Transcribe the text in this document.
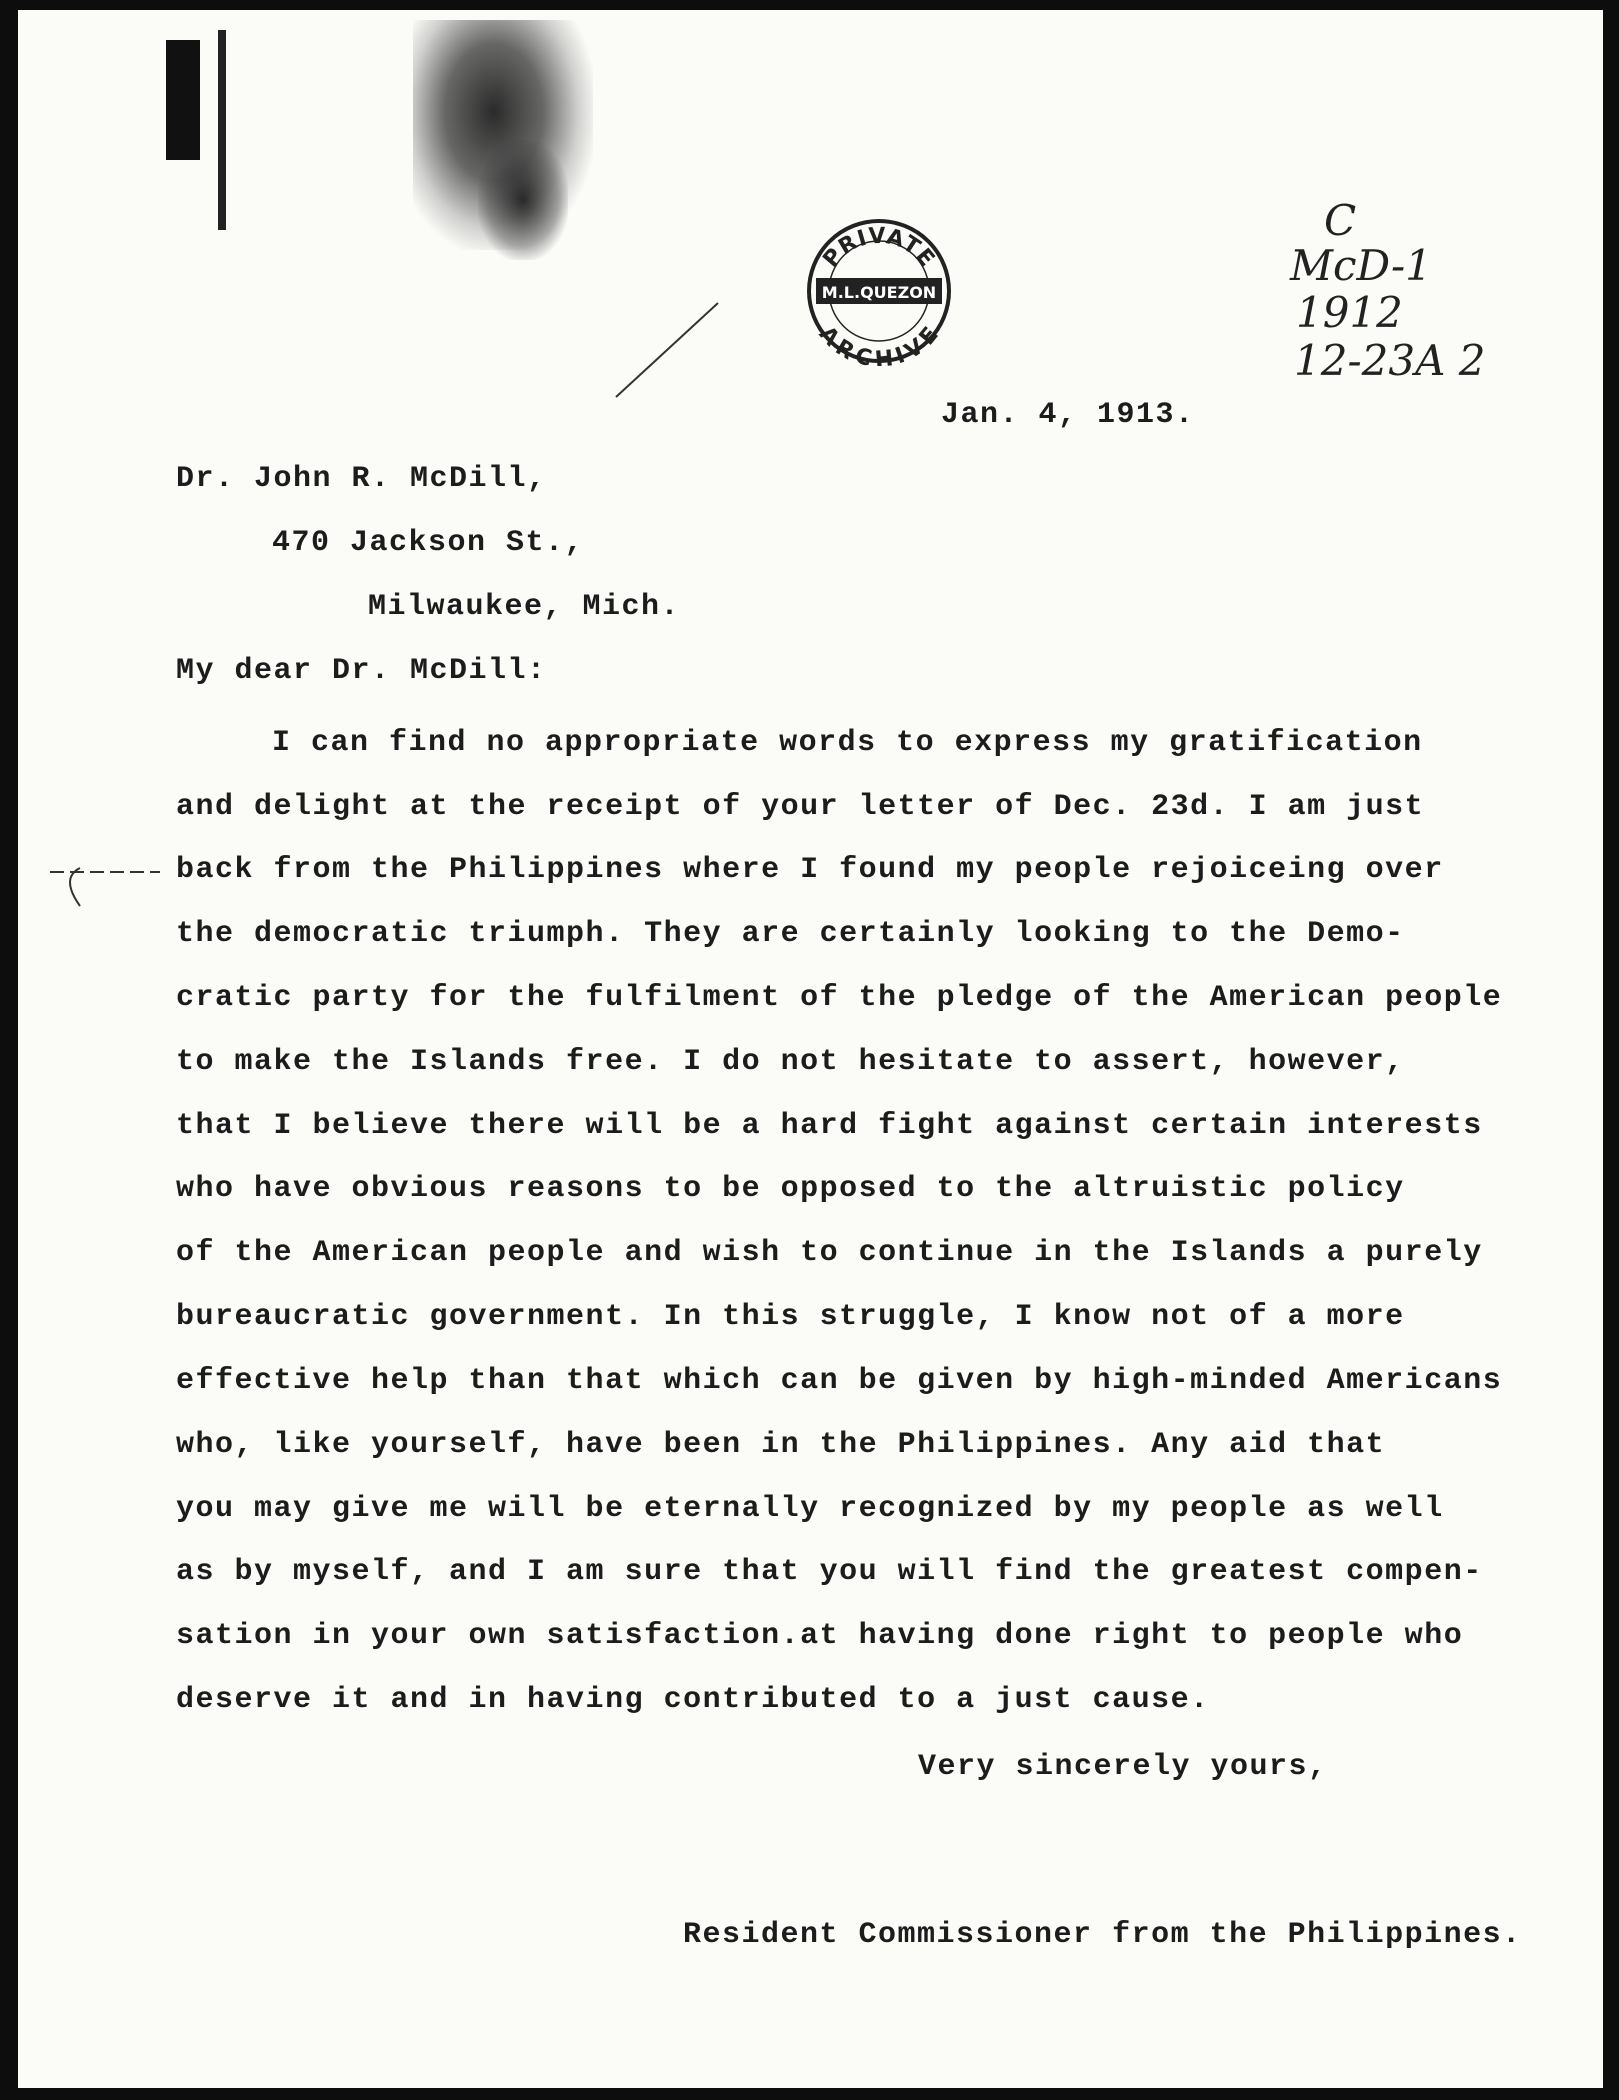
PRIVATE
M.L.QUEZON
ARCHIVE
C
McD-1
1912
12-23A 2
Jan. 4, 1913.
Dr. John R. McDill,
470 Jackson St.,
Milwaukee, Mich.
My dear Dr. McDill:
I can find no appropriate words to express my gratification
and delight at the receipt of your letter of Dec. 23d. I am just
back from the Philippines where I found my people rejoiceing over
the democratic triumph. They are certainly looking to the Demo-
cratic party for the fulfilment of the pledge of the American people
to make the Islands free. I do not hesitate to assert, however,
that I believe there will be a hard fight against certain interests
who have obvious reasons to be opposed to the altruistic policy
of the American people and wish to continue in the Islands a purely
bureaucratic government. In this struggle, I know not of a more
effective help than that which can be given by high-minded Americans
who, like yourself, have been in the Philippines. Any aid that
you may give me will be eternally recognized by my people as well
as by myself, and I am sure that you will find the greatest compen-
sation in your own satisfaction.at having done right to people who
deserve it and in having contributed to a just cause.
Very sincerely yours,
Resident Commissioner from the Philippines.
